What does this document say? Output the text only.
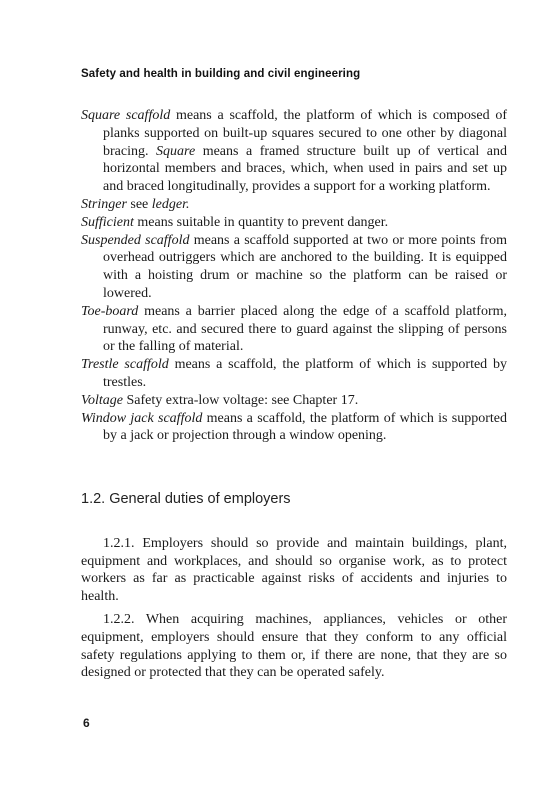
Safety and health in building and civil engineering

Square scaffold means a scaffold, the platform of which is composed of planks supported on built-up squares secured to one other by diagonal bracing. Square means a framed structure built up of vertical and horizontal members and braces, which, when used in pairs and set up and braced longitudinally, provides a support for a working platform.

Stringer see ledger.

Sufficient means suitable in quantity to prevent danger.

Suspended scaffold means a scaffold supported at two or more points from overhead outriggers which are anchored to the building. It is equipped with a hoisting drum or machine so the platform can be raised or lowered.

Toe-board means a barrier placed along the edge of a scaffold platform, runway, etc. and secured there to guard against the slipping of persons or the falling of material.

Trestle scaffold means a scaffold, the platform of which is supported by trestles.

Voltage Safety extra-low voltage: see Chapter 17.

Window jack scaffold means a scaffold, the platform of which is supported by a jack or projection through a window opening.

1.2. General duties of employers

1.2.1. Employers should so provide and maintain buildings, plant, equipment and workplaces, and should so organise work, as to protect workers as far as practicable against risks of accidents and injuries to health.

1.2.2. When acquiring machines, appliances, vehicles or other equipment, employers should ensure that they conform to any official safety regulations applying to them or, if there are none, that they are so designed or protected that they can be operated safely.

6
